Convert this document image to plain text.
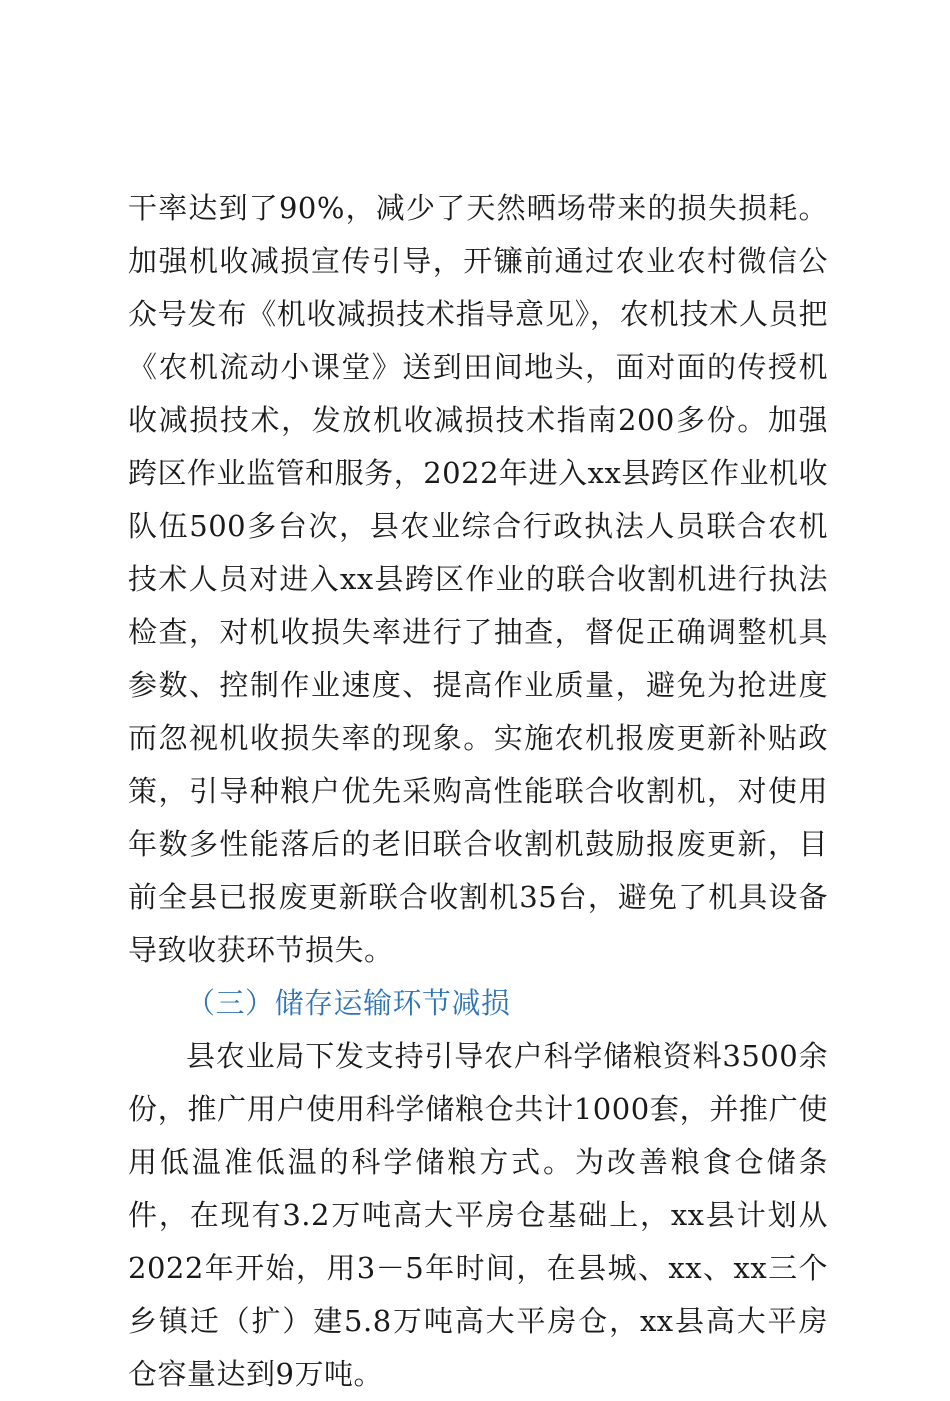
干率达到了90%，减少了天然晒场带来的损失损耗。加强机收减损宣传引导，开镰前通过农业农村微信公众号发布《机收减损技术指导意见》，农机技术人员把《农机流动小课堂》送到田间地头，面对面的传授机收减损技术，发放机收减损技术指南200多份。加强跨区作业监管和服务，2022年进入xx县跨区作业机收队伍500多台次，县农业综合行政执法人员联合农机技术人员对进入xx县跨区作业的联合收割机进行执法检查，对机收损失率进行了抽查，督促正确调整机具参数、控制作业速度、提高作业质量，避免为抢进度而忽视机收损失率的现象。实施农机报废更新补贴政策，引导种粮户优先采购高性能联合收割机，对使用年数多性能落后的老旧联合收割机鼓励报废更新，目前全县已报废更新联合收割机35台，避免了机具设备导致收获环节损失。

（三）储存运输环节减损

县农业局下发支持引导农户科学储粮资料3500余份，推广用户使用科学储粮仓共计1000套，并推广使用低温准低温的科学储粮方式。为改善粮食仓储条件，在现有3.2万吨高大平房仓基础上，xx县计划从2022年开始，用3－5年时间，在县城、xx、xx三个乡镇迁（扩）建5.8万吨高大平房仓，xx县高大平房仓容量达到9万吨。
